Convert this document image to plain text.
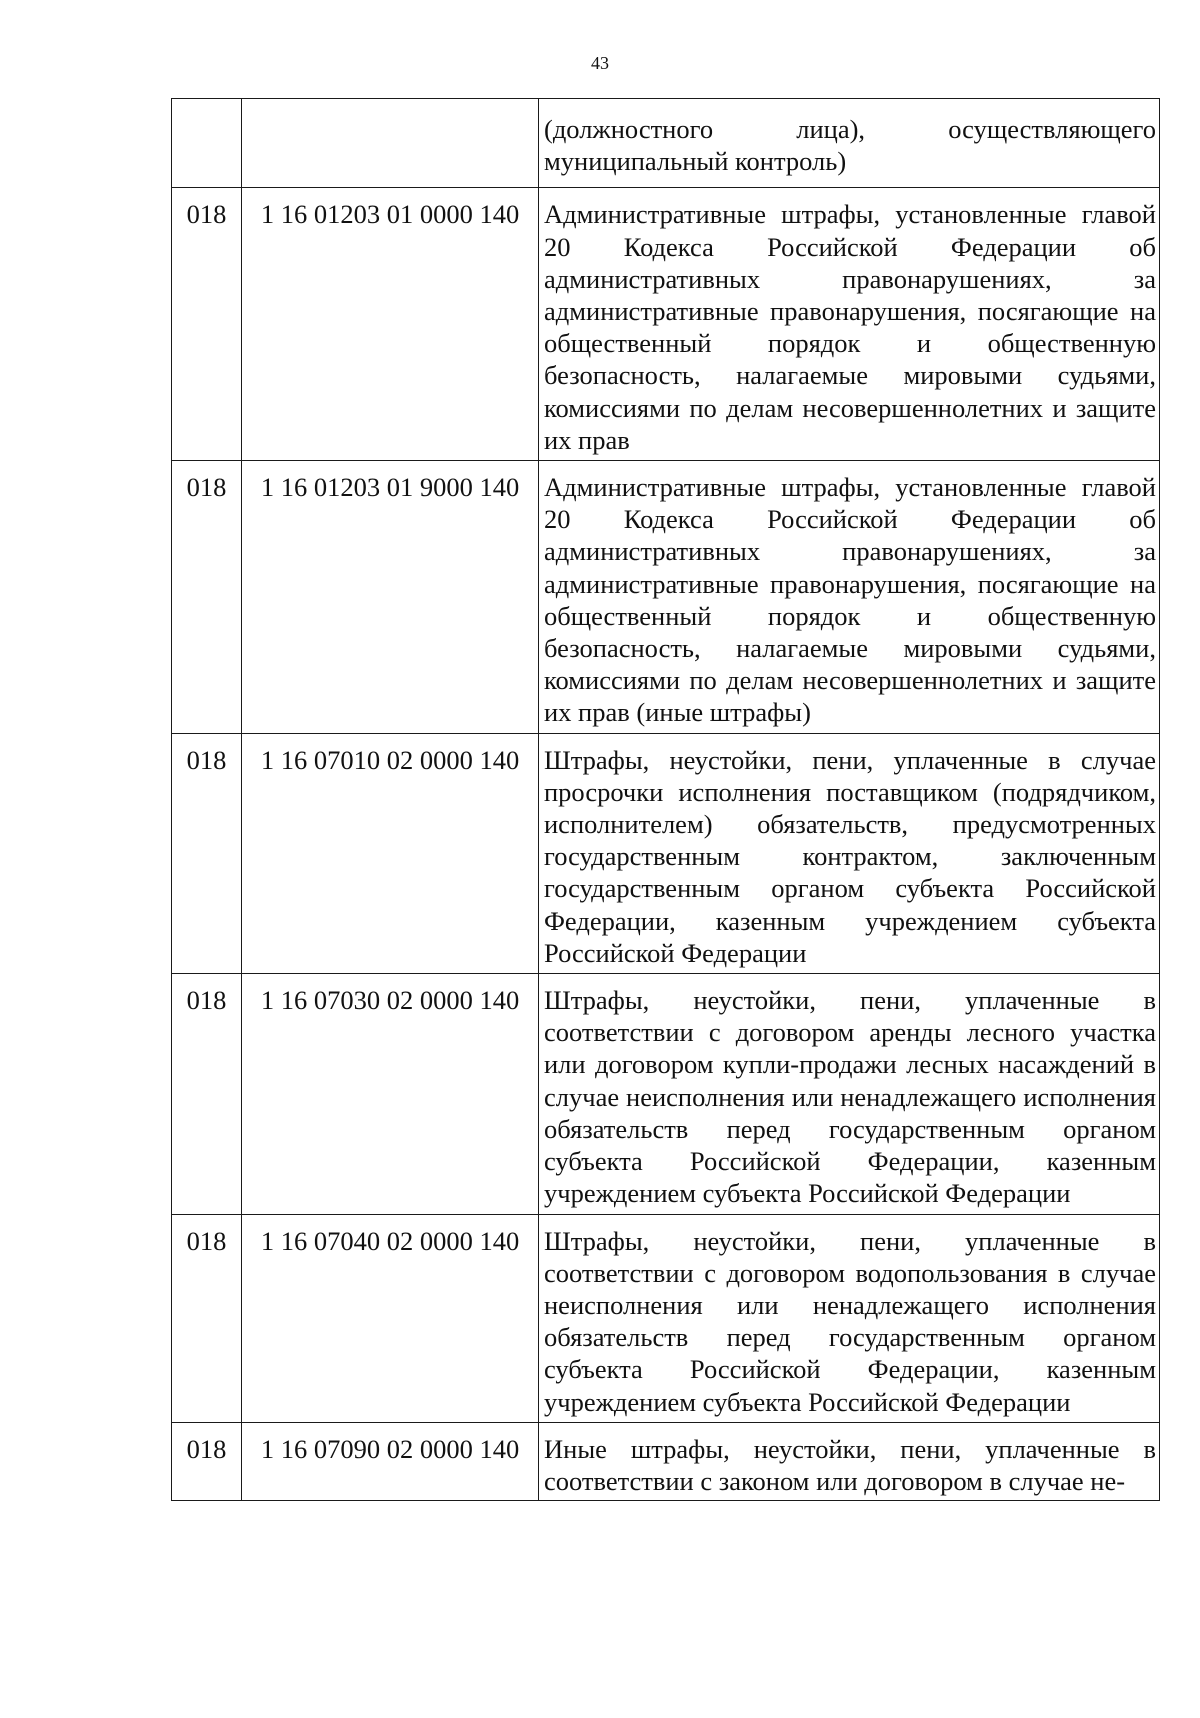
43
		(должностного лица), осуществляющего муниципальный контроль)
018	1 16 01203 01 0000 140	Административные штрафы, установленные главой 20 Кодекса Российской Федерации об административных правонарушениях, за административные правонарушения, посягающие на общественный порядок и общественную безопасность, налагаемые мировыми судьями, комиссиями по делам несовершеннолетних и защите их прав
018	1 16 01203 01 9000 140	Административные штрафы, установленные главой 20 Кодекса Российской Федерации об административных правонарушениях, за административные правонарушения, посягающие на общественный порядок и общественную безопасность, налагаемые мировыми судьями, комиссиями по делам несовершеннолетних и защите их прав (иные штрафы)
018	1 16 07010 02 0000 140	Штрафы, неустойки, пени, уплаченные в случае просрочки исполнения поставщиком (подрядчиком, исполнителем) обязательств, предусмотренных государственным контрактом, заключенным государственным органом субъекта Российской Федерации, казенным учреждением субъекта Российской Федерации
018	1 16 07030 02 0000 140	Штрафы, неустойки, пени, уплаченные в соответствии с договором аренды лесного участка или договором купли-продажи лесных насаждений в случае неисполнения или ненадлежащего исполнения обязательств перед государственным органом субъекта Российской Федерации, казенным учреждением субъекта Российской Федерации
018	1 16 07040 02 0000 140	Штрафы, неустойки, пени, уплаченные в соответствии с договором водопользования в случае неисполнения или ненадлежащего исполнения обязательств перед государственным органом субъекта Российской Федерации, казенным учреждением субъекта Российской Федерации
018	1 16 07090 02 0000 140	Иные штрафы, неустойки, пени, уплаченные в соответствии с законом или договором в случае не-
